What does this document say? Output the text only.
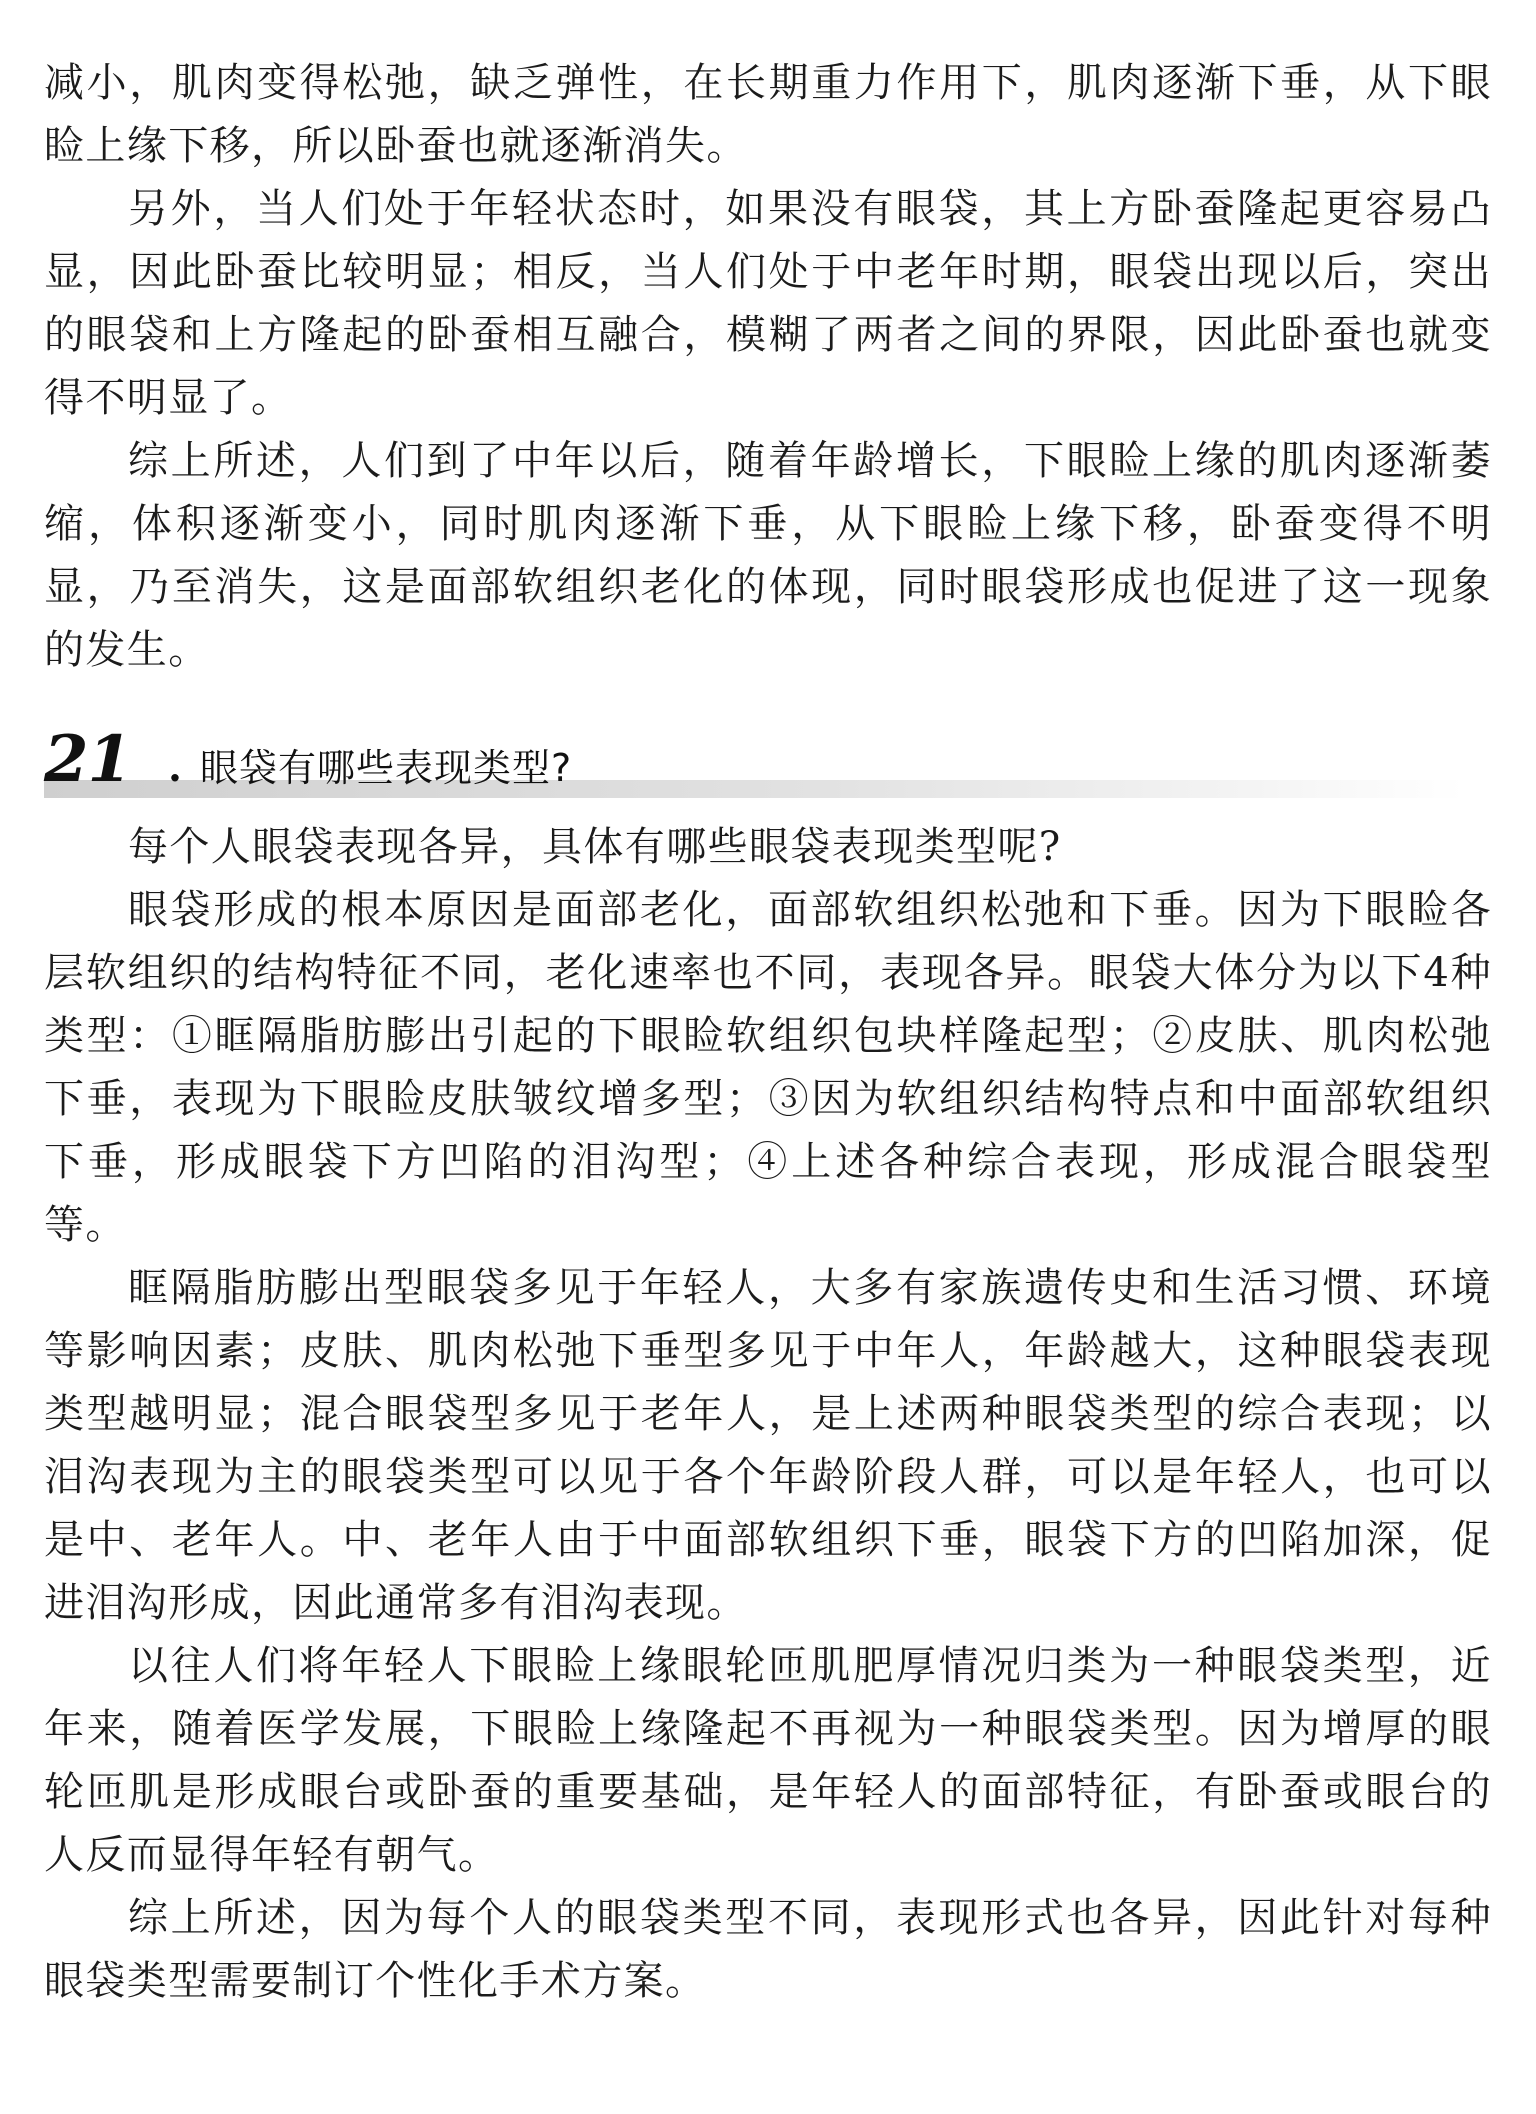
减小，肌肉变得松弛，缺乏弹性，在长期重力作用下，肌肉逐渐下垂，从下眼睑上缘下移，所以卧蚕也就逐渐消失。

另外，当人们处于年轻状态时，如果没有眼袋，其上方卧蚕隆起更容易凸显，因此卧蚕比较明显；相反，当人们处于中老年时期，眼袋出现以后，突出的眼袋和上方隆起的卧蚕相互融合，模糊了两者之间的界限，因此卧蚕也就变得不明显了。

综上所述，人们到了中年以后，随着年龄增长，下眼睑上缘的肌肉逐渐萎缩，体积逐渐变小，同时肌肉逐渐下垂，从下眼睑上缘下移，卧蚕变得不明显，乃至消失，这是面部软组织老化的体现，同时眼袋形成也促进了这一现象的发生。

21 . 眼袋有哪些表现类型?

每个人眼袋表现各异，具体有哪些眼袋表现类型呢?

眼袋形成的根本原因是面部老化，面部软组织松弛和下垂。因为下眼睑各层软组织的结构特征不同，老化速率也不同，表现各异。眼袋大体分为以下4种类型：①眶隔脂肪膨出引起的下眼睑软组织包块样隆起型；②皮肤、肌肉松弛下垂，表现为下眼睑皮肤皱纹增多型；③因为软组织结构特点和中面部软组织下垂，形成眼袋下方凹陷的泪沟型；④上述各种综合表现，形成混合眼袋型等。

眶隔脂肪膨出型眼袋多见于年轻人，大多有家族遗传史和生活习惯、环境等影响因素；皮肤、肌肉松弛下垂型多见于中年人，年龄越大，这种眼袋表现类型越明显；混合眼袋型多见于老年人，是上述两种眼袋类型的综合表现；以泪沟表现为主的眼袋类型可以见于各个年龄阶段人群，可以是年轻人，也可以是中、老年人。中、老年人由于中面部软组织下垂，眼袋下方的凹陷加深，促进泪沟形成，因此通常多有泪沟表现。

以往人们将年轻人下眼睑上缘眼轮匝肌肥厚情况归类为一种眼袋类型，近年来，随着医学发展，下眼睑上缘隆起不再视为一种眼袋类型。因为增厚的眼轮匝肌是形成眼台或卧蚕的重要基础，是年轻人的面部特征，有卧蚕或眼台的人反而显得年轻有朝气。

综上所述，因为每个人的眼袋类型不同，表现形式也各异，因此针对每种眼袋类型需要制订个性化手术方案。
